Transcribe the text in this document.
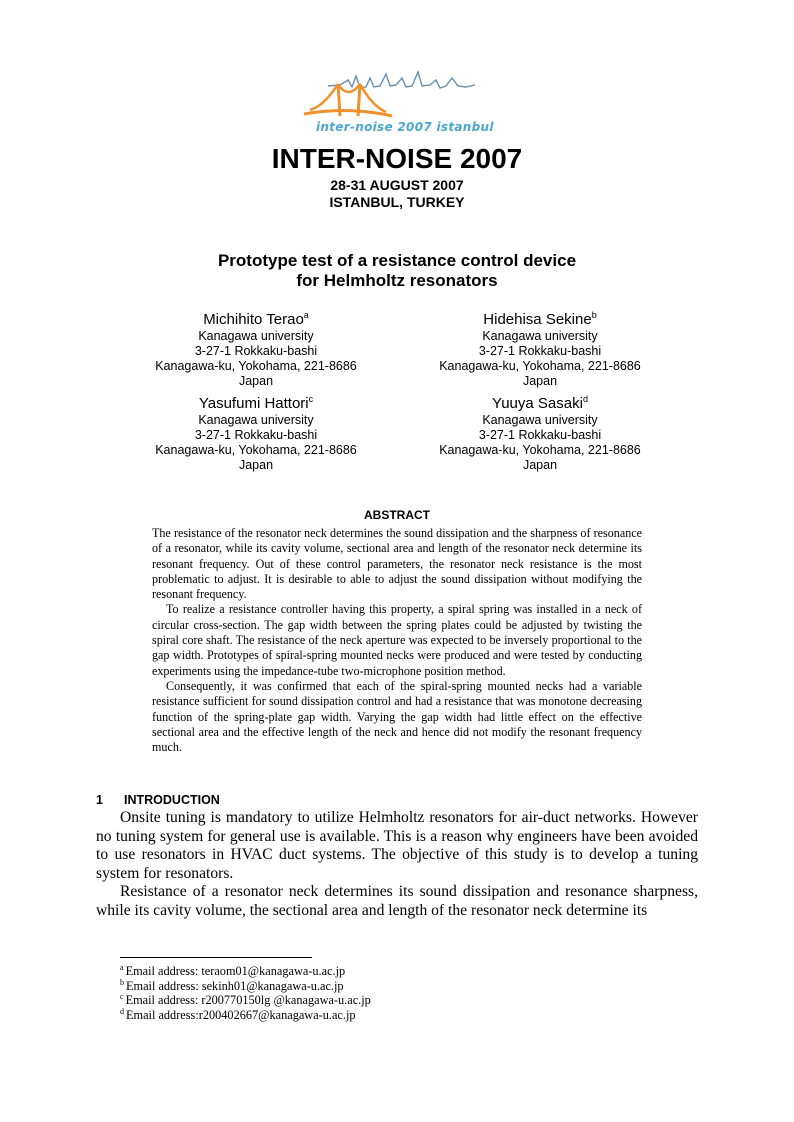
inter-noise 2007 istanbul
INTER-NOISE 2007
28-31 AUGUST 2007
ISTANBUL, TURKEY
Prototype test of a resistance control device
for Helmholtz resonators
Michihito Terao$^a$
Kanagawa university
3-27-1 Rokkaku-bashi
Kanagawa-ku, Yokohama, 221-8686
Japan
Hidehisa Sekine$^b$
Kanagawa university
3-27-1 Rokkaku-bashi
Kanagawa-ku, Yokohama, 221-8686
Japan
Yasufumi Hattori$^c$
Kanagawa university
3-27-1 Rokkaku-bashi
Kanagawa-ku, Yokohama, 221-8686
Japan
Yuuya Sasaki$^d$
Kanagawa university
3-27-1 Rokkaku-bashi
Kanagawa-ku, Yokohama, 221-8686
Japan
ABSTRACT

The resistance of the resonator neck determines the sound dissipation and the sharpness of resonance of a resonator, while its cavity volume, sectional area and length of the resonator neck determine its resonant frequency. Out of these control parameters, the resonator neck resistance is the most problematic to adjust. It is desirable to able to adjust the sound dissipation without modifying the resonant frequency.

To realize a resistance controller having this property, a spiral spring was installed in a neck of circular cross-section. The gap width between the spring plates could be adjusted by twisting the spiral core shaft. The resistance of the neck aperture was expected to be inversely proportional to the gap width. Prototypes of spiral-spring mounted necks were produced and were tested by conducting experiments using the impedance-tube two-microphone position method.

Consequently, it was confirmed that each of the spiral-spring mounted necks had a variable resistance sufficient for sound dissipation control and had a resistance that was monotone decreasing function of the spring-plate gap width. Varying the gap width had little effect on the effective sectional area and the effective length of the neck and hence did not modify the resonant frequency much.

1 INTRODUCTION

Onsite tuning is mandatory to utilize Helmholtz resonators for air-duct networks. However no tuning system for general use is available. This is a reason why engineers have been avoided to use resonators in HVAC duct systems. The objective of this study is to develop a tuning system for resonators.

Resistance of a resonator neck determines its sound dissipation and resonance sharpness, while its cavity volume, the sectional area and length of the resonator neck determine its

$^a$ Email address: teraom01@kanagawa-u.ac.jp
$^b$ Email address: sekinh01@kanagawa-u.ac.jp
$^c$ Email address: r200770150lg @kanagawa-u.ac.jp
$^d$ Email address:r200402667@kanagawa-u.ac.jp
